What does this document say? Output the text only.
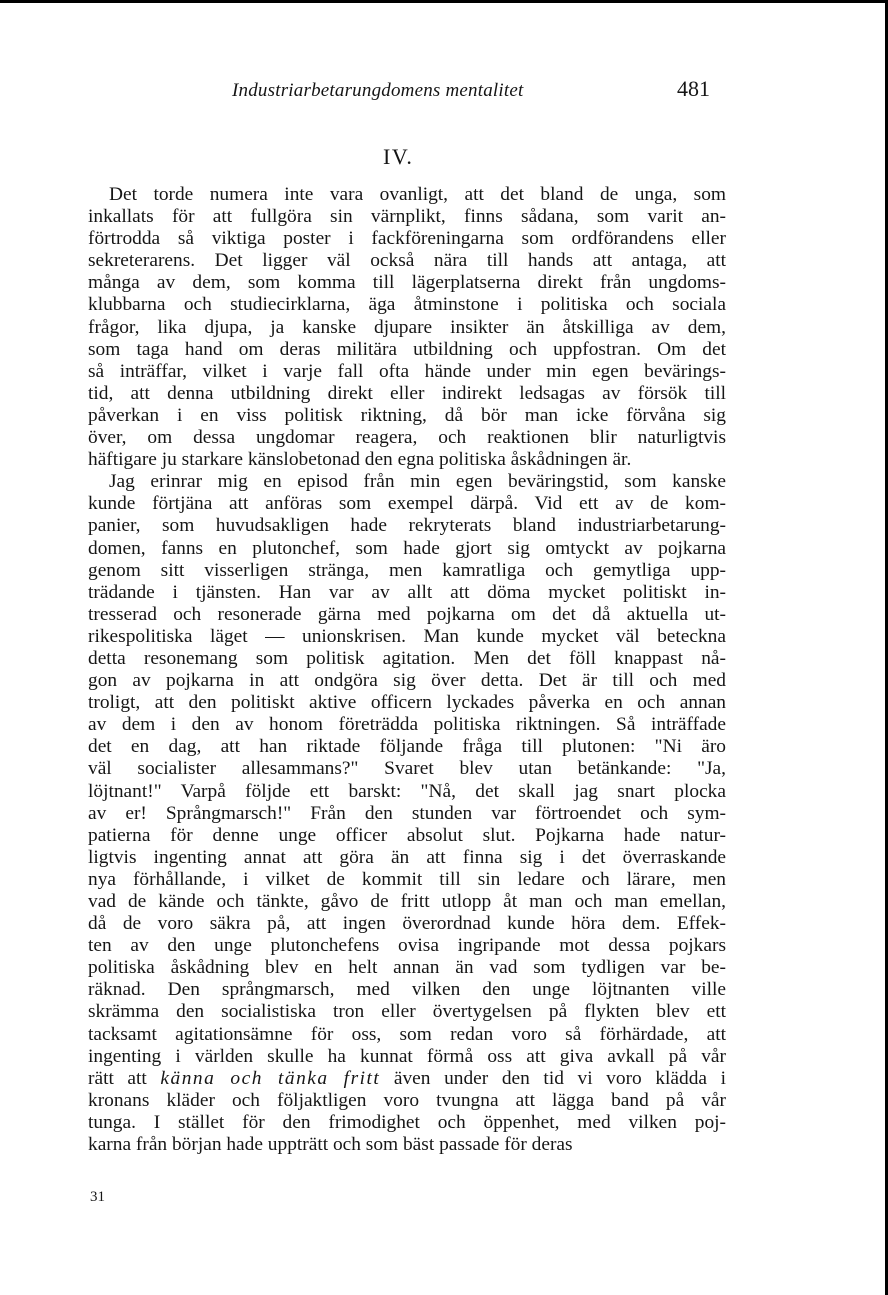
Industriarbetarungdomens mentalitet	481
IV.
Det torde numera inte vara ovanligt, att det bland de unga, som
inkallats för att fullgöra sin värnplikt, finns sådana, som varit an-
förtrodda så viktiga poster i fackföreningarna som ordförandens eller
sekreterarens. Det ligger väl också nära till hands att antaga, att
många av dem, som komma till lägerplatserna direkt från ungdoms-
klubbarna och studiecirklarna, äga åtminstone i politiska och sociala
frågor, lika djupa, ja kanske djupare insikter än åtskilliga av dem,
som taga hand om deras militära utbildning och uppfostran. Om det
så inträffar, vilket i varje fall ofta hände under min egen bevärings-
tid, att denna utbildning direkt eller indirekt ledsagas av försök till
påverkan i en viss politisk riktning, då bör man icke förvåna sig
över, om dessa ungdomar reagera, och reaktionen blir naturligtvis
häftigare ju starkare känslobetonad den egna politiska åskådningen är.
Jag erinrar mig en episod från min egen beväringstid, som kanske
kunde förtjäna att anföras som exempel därpå. Vid ett av de kom-
panier, som huvudsakligen hade rekryterats bland industriarbetarung-
domen, fanns en plutonchef, som hade gjort sig omtyckt av pojkarna
genom sitt visserligen stränga, men kamratliga och gemytliga upp-
trädande i tjänsten. Han var av allt att döma mycket politiskt in-
tresserad och resonerade gärna med pojkarna om det då aktuella ut-
rikespolitiska läget — unionskrisen. Man kunde mycket väl beteckna
detta resonemang som politisk agitation. Men det föll knappast nå-
gon av pojkarna in att ondgöra sig över detta. Det är till och med
troligt, att den politiskt aktive officern lyckades påverka en och annan
av dem i den av honom företrädda politiska riktningen. Så inträffade
det en dag, att han riktade följande fråga till plutonen: "Ni äro
väl socialister allesammans?" Svaret blev utan betänkande: "Ja,
löjtnant!" Varpå följde ett barskt: "Nå, det skall jag snart plocka
av er! Språngmarsch!" Från den stunden var förtroendet och sym-
patierna för denne unge officer absolut slut. Pojkarna hade natur-
ligtvis ingenting annat att göra än att finna sig i det överraskande
nya förhållande, i vilket de kommit till sin ledare och lärare, men
vad de kände och tänkte, gåvo de fritt utlopp åt man och man emellan,
då de voro säkra på, att ingen överordnad kunde höra dem. Effek-
ten av den unge plutonchefens ovisa ingripande mot dessa pojkars
politiska åskådning blev en helt annan än vad som tydligen var be-
räknad. Den språngmarsch, med vilken den unge löjtnanten ville
skrämma den socialistiska tron eller övertygelsen på flykten blev ett
tacksamt agitationsämne för oss, som redan voro så förhärdade, att
ingenting i världen skulle ha kunnat förmå oss att giva avkall på vår
rätt att känna och tänka fritt även under den tid vi voro klädda i
kronans kläder och följaktligen voro tvungna att lägga band på vår
tunga. I stället för den frimodighet och öppenhet, med vilken poj-
karna från början hade uppträtt och som bäst passade för deras
31
